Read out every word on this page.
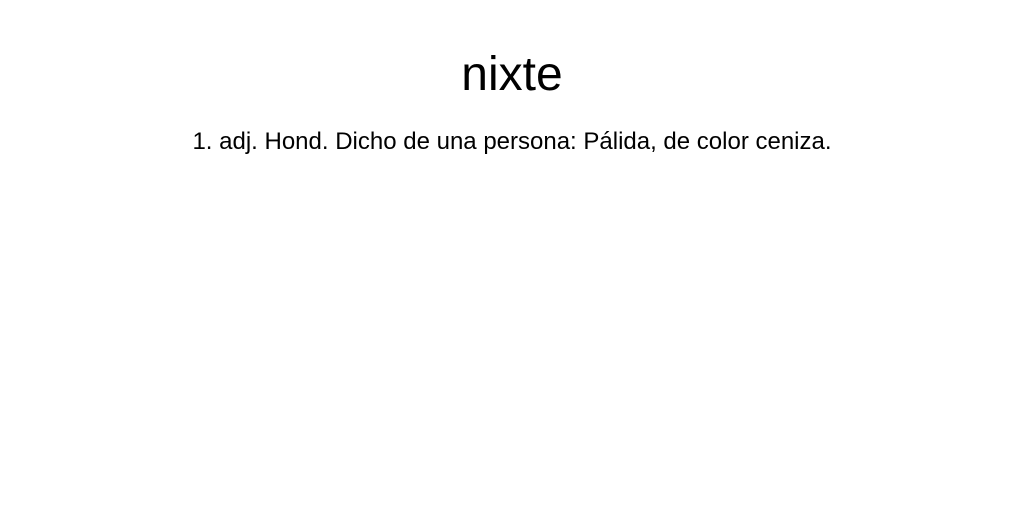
nixte

1. adj. Hond. Dicho de una persona: Pálida, de color ceniza.
